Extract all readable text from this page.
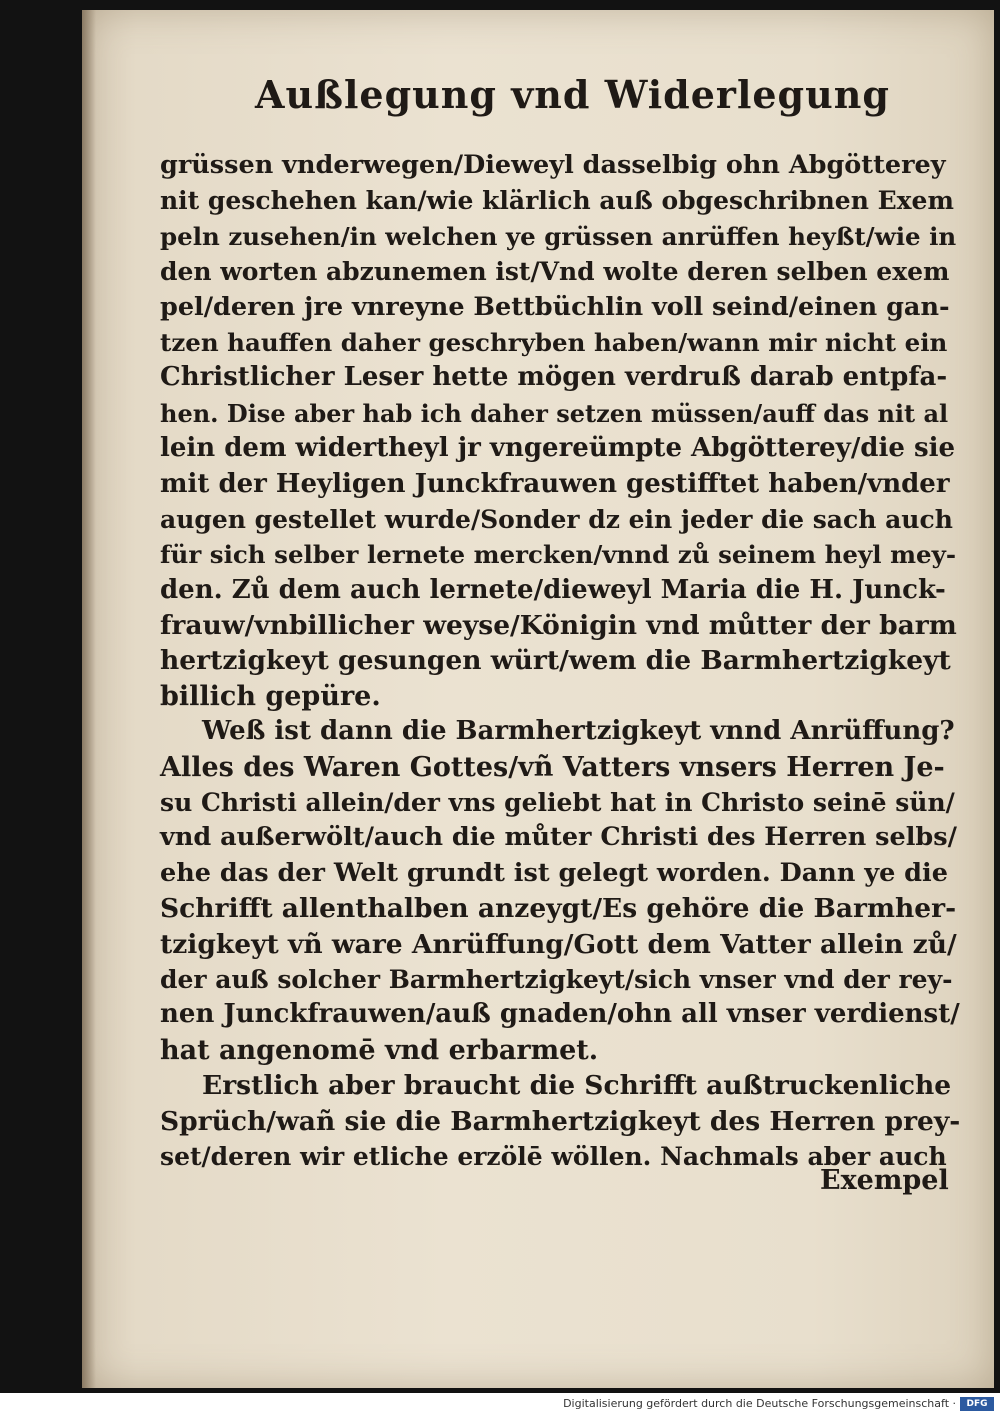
Außlegung vnd Widerlegung
grüssen vnderwegen/Dieweyl dasselbig ohn Abgötterey
nit geschehen kan/wie klärlich auß obgeschribnen Exem
peln zusehen/in welchen ye grüssen anrüffen heyßt/wie in
den worten abzunemen ist/Vnd wolte deren selben exem
pel/deren jre vnreyne Bettbüchlin voll seind/einen gan-
tzen hauffen daher geschryben haben/wann mir nicht ein
Christlicher Leser hette mögen verdruß darab entpfa-
hen. Dise aber hab ich daher setzen müssen/auff das nit al
lein dem widertheyl jr vngereümpte Abgötterey/die sie
mit der Heyligen Junckfrauwen gestifftet haben/vnder
augen gestellet wurde/Sonder dz ein jeder die sach auch
für sich selber lernete mercken/vnnd zů seinem heyl mey-
den. Zů dem auch lernete/dieweyl Maria die H. Junck-
frauw/vnbillicher weyse/Königin vnd můtter der barm
hertzigkeyt gesungen würt/wem die Barmhertzigkeyt
billich gepüre.
Weß ist dann die Barmhertzigkeyt vnnd Anrüffung?
Alles des Waren Gottes/vñ Vatters vnsers Herren Je-
su Christi allein/der vns geliebt hat in Christo seinē sün/
vnd außerwölt/auch die můter Christi des Herren selbs/
ehe das der Welt grundt ist gelegt worden. Dann ye die
Schrifft allenthalben anzeygt/Es gehöre die Barmher-
tzigkeyt vñ ware Anrüffung/Gott dem Vatter allein zů/
der auß solcher Barmhertzigkeyt/sich vnser vnd der rey-
nen Junckfrauwen/auß gnaden/ohn all vnser verdienst/
hat angenomē vnd erbarmet.
Erstlich aber braucht die Schrifft außtruckenliche
Sprüch/wañ sie die Barmhertzigkeyt des Herren prey-
set/deren wir etliche erzölē wöllen. Nachmals aber auch
Exempel
Digitalisierung gefördert durch die Deutsche Forschungsgemeinschaft ·	DFG
